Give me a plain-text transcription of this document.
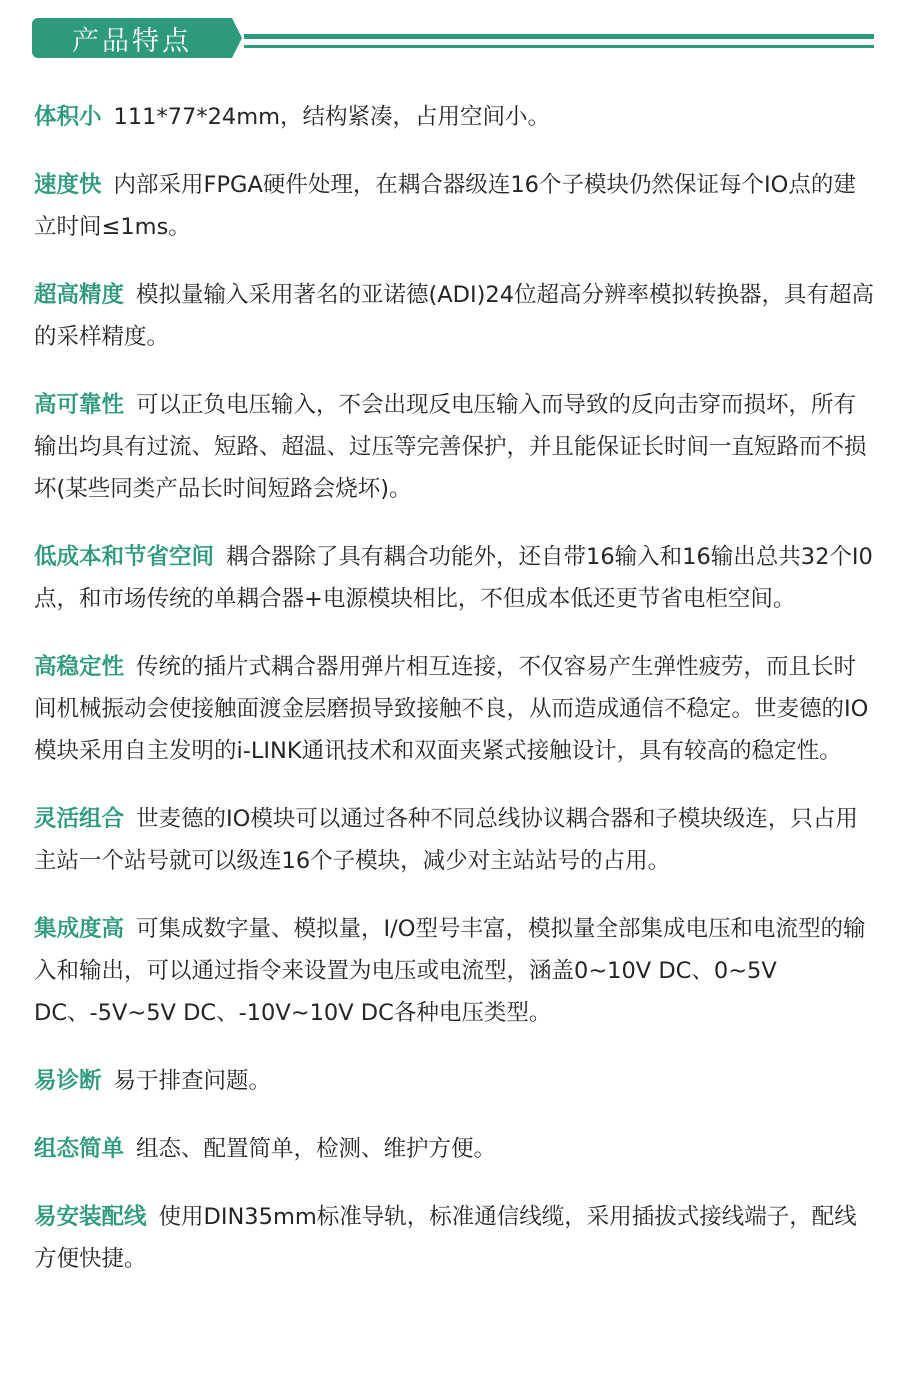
产品特点

体积小 111*77*24mm，结构紧凑，占用空间小。

速度快 内部采用FPGA硬件处理，在耦合器级连16个子模块仍然保证每个IO点的建立时间≤1ms。

超高精度 模拟量输入采用著名的亚诺德(ADI)24位超高分辨率模拟转换器，具有超高的采样精度。

高可靠性 可以正负电压输入，不会出现反电压输入而导致的反向击穿而损坏，所有输出均具有过流、短路、超温、过压等完善保护，并且能保证长时间一直短路而不损坏(某些同类产品长时间短路会烧坏)。

低成本和节省空间 耦合器除了具有耦合功能外，还自带16输入和16输出总共32个I0点，和市场传统的单耦合器+电源模块相比，不但成本低还更节省电柜空间。

高稳定性 传统的插片式耦合器用弹片相互连接，不仅容易产生弹性疲劳，而且长时间机械振动会使接触面渡金层磨损导致接触不良，从而造成通信不稳定。世麦德的IO模块采用自主发明的i-LINK通讯技术和双面夹紧式接触设计，具有较高的稳定性。

灵活组合 世麦德的IO模块可以通过各种不同总线协议耦合器和子模块级连，只占用主站一个站号就可以级连16个子模块，减少对主站站号的占用。

集成度高 可集成数字量、模拟量，I/O型号丰富，模拟量全部集成电压和电流型的输入和输出，可以通过指令来设置为电压或电流型，涵盖0~10V DC、0~5V DC、-5V~5V DC、-10V~10V DC各种电压类型。

易诊断 易于排查问题。

组态简单 组态、配置简单，检测、维护方便。

易安装配线 使用DIN35mm标准导轨，标准通信线缆，采用插拔式接线端子，配线方便快捷。
